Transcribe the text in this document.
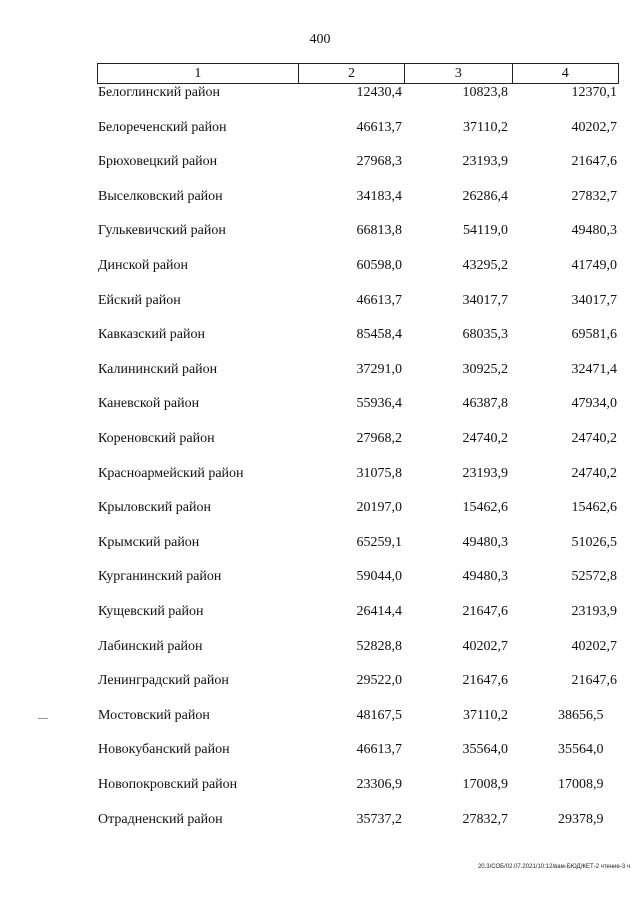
400
1	2	3	4
Белоглинский район	12430,4	10823,8	12370,1
Белореченский район	46613,7	37110,2	40202,7
Брюховецкий район	27968,3	23193,9	21647,6
Выселковский район	34183,4	26286,4	27832,7
Гулькевичский район	66813,8	54119,0	49480,3
Динской район	60598,0	43295,2	41749,0
Ейский район	46613,7	34017,7	34017,7
Кавказский район	85458,4	68035,3	69581,6
Калининский район	37291,0	30925,2	32471,4
Каневской район	55936,4	46387,8	47934,0
Кореновский район	27968,2	24740,2	24740,2
Красноармейский район	31075,8	23193,9	24740,2
Крыловский район	20197,0	15462,6	15462,6
Крымский район	65259,1	49480,3	51026,5
Курганинский район	59044,0	49480,3	52572,8
Кущевский район	26414,4	21647,6	23193,9
Лабинский район	52828,8	40202,7	40202,7
Ленинградский район	29522,0	21647,6	21647,6
Мостовский район	48167,5	37110,2	38656,5
Новокубанский район	46613,7	35564,0	35564,0
Новопокровский район	23306,9	17008,9	17008,9
Отрадненский район	35737,2	27832,7	29378,9
20.3/СОБ/02.07.2021/10:12/вам-БЮДЖЕТ-2 чтение-3 ч
